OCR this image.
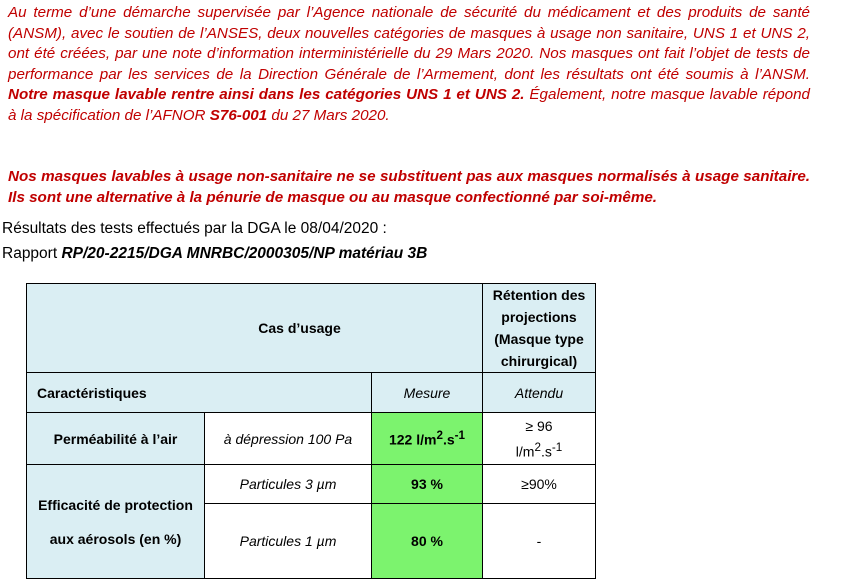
Au terme d’une démarche supervisée par l’Agence nationale de sécurité du médicament et des produits de santé (ANSM), avec le soutien de l’ANSES, deux nouvelles catégories de masques à usage non sanitaire, UNS 1 et UNS 2, ont été créées, par une note d’information interministérielle du 29 Mars 2020. Nos masques ont fait l’objet de tests de performance par les services de la Direction Générale de l’Armement, dont les résultats ont été soumis à l’ANSM. Notre masque lavable rentre ainsi dans les catégories UNS 1 et UNS 2. Également, notre masque lavable répond à la spécification de l’AFNOR S76-001 du 27 Mars 2020.

Nos masques lavables à usage non-sanitaire ne se substituent pas aux masques normalisés à usage sanitaire. Ils sont une alternative à la pénurie de masque ou au masque confectionné par soi-même.

Résultats des tests effectués par la DGA le 08/04/2020 :

Rapport RP/20-2215/DGA MNRBC/2000305/NP matériau 3B

Cas d’usage			Rétention des projections
(Masque type chirurgical)
Caractéristiques		Mesure	Attendu
Perméabilité à l’air	à dépression 100 Pa	122 $l/m^2.s^{-1}$	≥ 96
$l/m^2.s^{-1}$
Efficacité de protection
aux aérosols (en %)	Particules 3 µm	93 %	≥90%
	Particules 1 µm	80 %	-
